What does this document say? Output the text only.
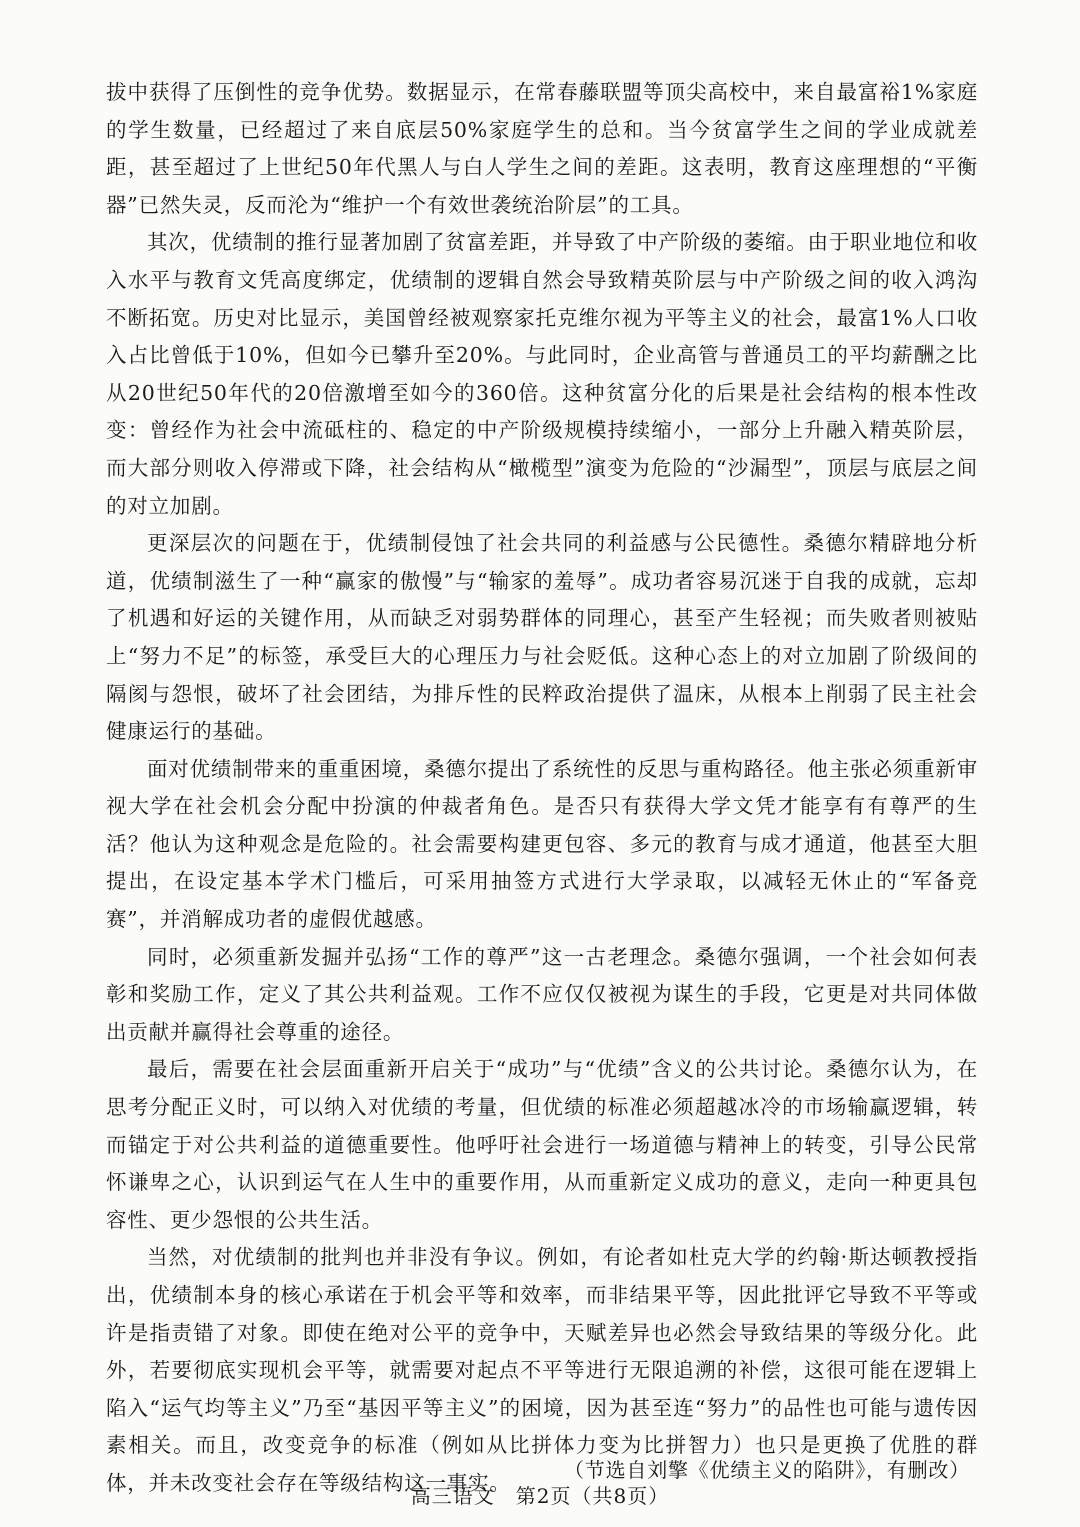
拔中获得了压倒性的竞争优势。数据显示，在常春藤联盟等顶尖高校中，来自最富裕1%家庭的学生数量，已经超过了来自底层50%家庭学生的总和。当今贫富学生之间的学业成就差距，甚至超过了上世纪50年代黑人与白人学生之间的差距。这表明，教育这座理想的“平衡器”已然失灵，反而沦为“维护一个有效世袭统治阶层”的工具。

其次，优绩制的推行显著加剧了贫富差距，并导致了中产阶级的萎缩。由于职业地位和收入水平与教育文凭高度绑定，优绩制的逻辑自然会导致精英阶层与中产阶级之间的收入鸿沟不断拓宽。历史对比显示，美国曾经被观察家托克维尔视为平等主义的社会，最富1%人口收入占比曾低于10%，但如今已攀升至20%。与此同时，企业高管与普通员工的平均薪酬之比从20世纪50年代的20倍激增至如今的360倍。这种贫富分化的后果是社会结构的根本性改变：曾经作为社会中流砥柱的、稳定的中产阶级规模持续缩小，一部分上升融入精英阶层，而大部分则收入停滞或下降，社会结构从“橄榄型”演变为危险的“沙漏型”，顶层与底层之间的对立加剧。

更深层次的问题在于，优绩制侵蚀了社会共同的利益感与公民德性。桑德尔精辟地分析道，优绩制滋生了一种“赢家的傲慢”与“输家的羞辱”。成功者容易沉迷于自我的成就，忘却了机遇和好运的关键作用，从而缺乏对弱势群体的同理心，甚至产生轻视；而失败者则被贴上“努力不足”的标签，承受巨大的心理压力与社会贬低。这种心态上的对立加剧了阶级间的隔阂与怨恨，破坏了社会团结，为排斥性的民粹政治提供了温床，从根本上削弱了民主社会健康运行的基础。

面对优绩制带来的重重困境，桑德尔提出了系统性的反思与重构路径。他主张必须重新审视大学在社会机会分配中扮演的仲裁者角色。是否只有获得大学文凭才能享有有尊严的生活？他认为这种观念是危险的。社会需要构建更包容、多元的教育与成才通道，他甚至大胆提出，在设定基本学术门槛后，可采用抽签方式进行大学录取，以减轻无休止的“军备竞赛”，并消解成功者的虚假优越感。

同时，必须重新发掘并弘扬“工作的尊严”这一古老理念。桑德尔强调，一个社会如何表彰和奖励工作，定义了其公共利益观。工作不应仅仅被视为谋生的手段，它更是对共同体做出贡献并赢得社会尊重的途径。

最后，需要在社会层面重新开启关于“成功”与“优绩”含义的公共讨论。桑德尔认为，在思考分配正义时，可以纳入对优绩的考量，但优绩的标准必须超越冰冷的市场输赢逻辑，转而锚定于对公共利益的道德重要性。他呼吁社会进行一场道德与精神上的转变，引导公民常怀谦卑之心，认识到运气在人生中的重要作用，从而重新定义成功的意义，走向一种更具包容性、更少怨恨的公共生活。

当然，对优绩制的批判也并非没有争议。例如，有论者如杜克大学的约翰·斯达顿教授指出，优绩制本身的核心承诺在于机会平等和效率，而非结果平等，因此批评它导致不平等或许是指责错了对象。即使在绝对公平的竞争中，天赋差异也必然会导致结果的等级分化。此外，若要彻底实现机会平等，就需要对起点不平等进行无限追溯的补偿，这很可能在逻辑上陷入“运气均等主义”乃至“基因平等主义”的困境，因为甚至连“努力”的品性也可能与遗传因素相关。而且，改变竞争的标准（例如从比拼体力变为比拼智力）也只是更换了优胜的群体，并未改变社会存在等级结构这一事实。

（节选自刘擎《优绩主义的陷阱》，有删改）
高三语文　第2页（共8页）
